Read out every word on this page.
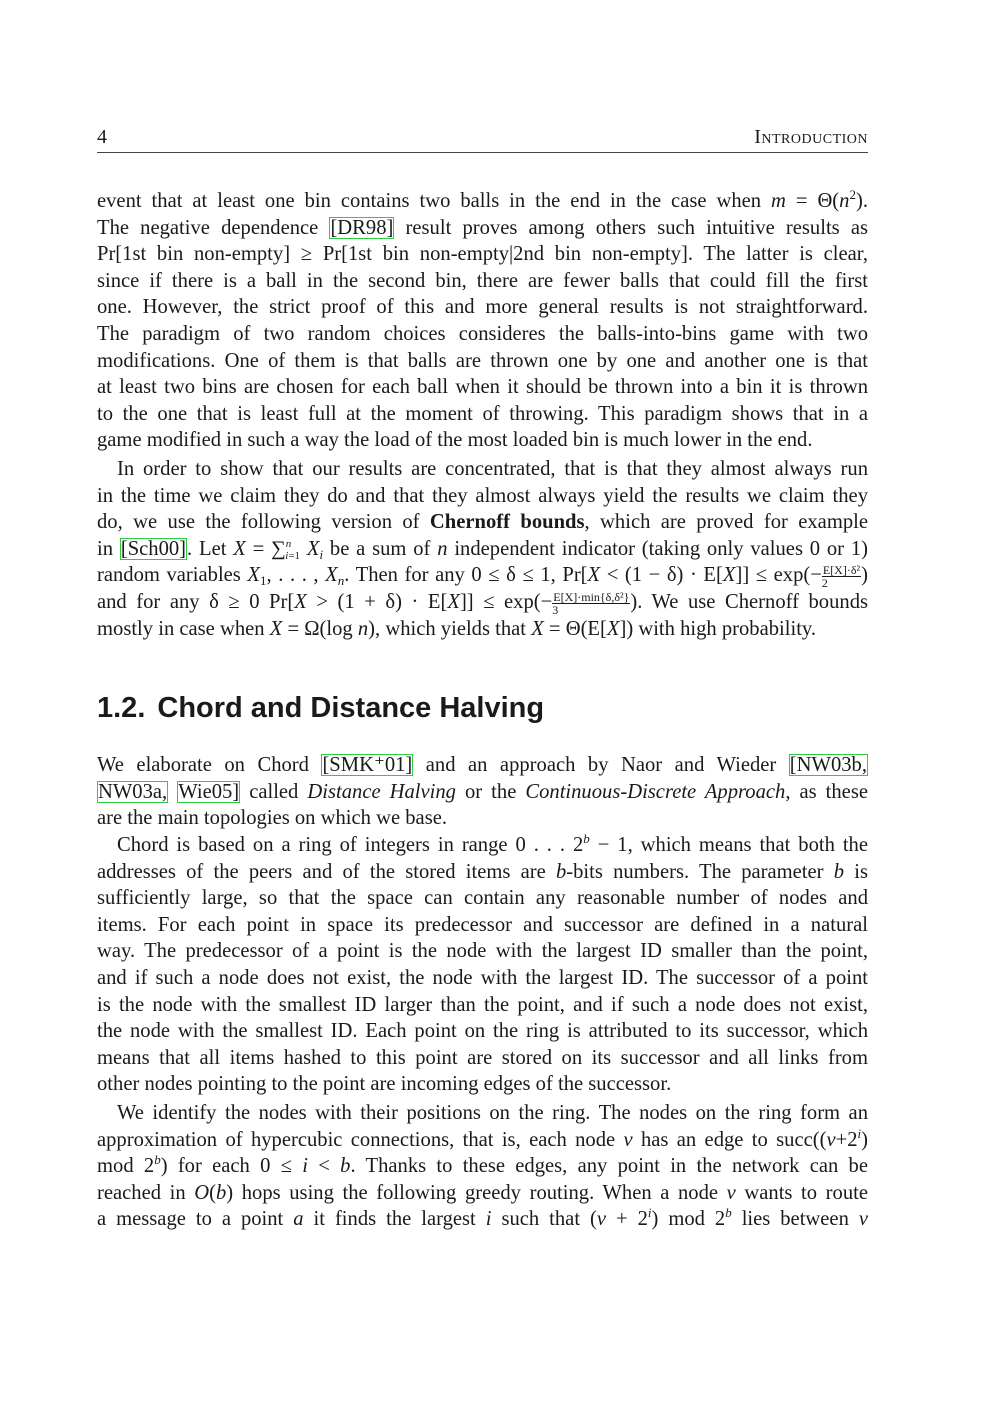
4	Introduction
event that at least one bin contains two balls in the end in the case when $m = \Theta(n^2)$.
The negative dependence [DR98] result proves among others such intuitive results as
Pr[1st bin non-empty] ≥ Pr[1st bin non-empty|2nd bin non-empty]. The latter is clear,
since if there is a ball in the second bin, there are fewer balls that could fill the first
one. However, the strict proof of this and more general results is not straightforward.
The paradigm of two random choices consideres the balls-into-bins game with two
modifications. One of them is that balls are thrown one by one and another one is that
at least two bins are chosen for each ball when it should be thrown into a bin it is thrown
to the one that is least full at the moment of throwing. This paradigm shows that in a
game modified in such a way the load of the most loaded bin is much lower in the end.
In order to show that our results are concentrated, that is that they almost always run
in the time we claim they do and that they almost always yield the results we claim they
do, we use the following version of Chernoff bounds, which are proved for example
in [Sch00]. Let X = ∑$^n_{i=1}$ $X_i$ be a sum of n independent indicator (taking only values 0 or 1)
random variables $X_1$, . . . , $X_n$. Then for any 0 ≤ δ ≤ 1, $Pr[X < (1 - \delta) \cdot E[X]] \le \exp(- \frac{\text{E[X]·δ²}}{2}$ )
and for any δ ≥ 0 $Pr[X > (1 + \delta) \cdot E[X]] \le \exp(- \frac{\text{E[X]·min\{δ,δ²\}}}{3}$ ). We use Chernoff bounds
mostly in case when X = Ω(log n), which yields that X = Θ(E[X]) with high probability.
1.2. Chord and Distance Halving
We elaborate on Chord [SMK⁺01] and an approach by Naor and Wieder [NW03b,
NW03a, Wie05] called Distance Halving or the Continuous-Discrete Approach, as these
are the main topologies on which we base.
Chord is based on a ring of integers in range 0 . . . $2^b - 1$, which means that both the
addresses of the peers and of the stored items are b-bits numbers. The parameter b is
sufficiently large, so that the space can contain any reasonable number of nodes and
items. For each point in space its predecessor and successor are defined in a natural
way. The predecessor of a point is the node with the largest ID smaller than the point,
and if such a node does not exist, the node with the largest ID. The successor of a point
is the node with the smallest ID larger than the point, and if such a node does not exist,
the node with the smallest ID. Each point on the ring is attributed to its successor, which
means that all items hashed to this point are stored on its successor and all links from
other nodes pointing to the point are incoming edges of the successor.
We identify the nodes with their positions on the ring. The nodes on the ring form an
approximation of hypercubic connections, that is, each node v has an edge to $succ((v+2^i)$
mod 2$^b$) for each 0 ≤ i < b. Thanks to these edges, any point in the network can be
reached in O(b) hops using the following greedy routing. When a node v wants to route
a message to a point a it finds the largest i such that $(v + 2^i)$ mod 2$^b$ lies between v
